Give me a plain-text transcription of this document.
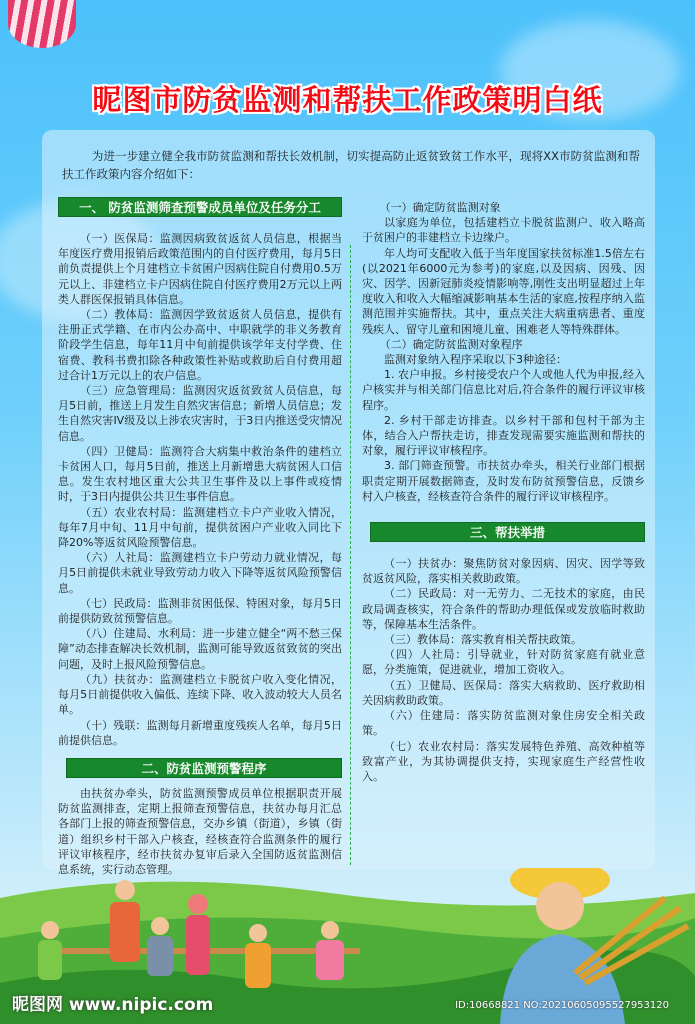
昵图市防贫监测和帮扶工作政策明白纸

为进一步建立健全我市防贫监测和帮扶长效机制，切实提高防止返贫致贫工作水平，现将XX市防贫监测和帮扶工作政策内容介绍如下：

一、 防贫监测筛查预警成员单位及任务分工

（一）医保局：监测因病致贫返贫人员信息，根据当年度医疗费用报销后政策范围内的自付医疗费用，每月5日前负责提供上个月建档立卡贫困户因病住院自付费用0.5万元以上、非建档立卡户因病住院自付医疗费用2万元以上两类人群医保报销具体信息。

（二）教体局：监测因学致贫返贫人员信息，提供有注册正式学籍、在市内公办高中、中职就学的非义务教育阶段学生信息，每年11月中旬前提供该学年支付学费、住宿费、教科书费扣除各种政策性补贴或救助后自付费用超过合计1万元以上的农户信息。

（三）应急管理局：监测因灾返贫致贫人员信息，每月5日前，推送上月发生自然灾害信息；新增人员信息；发生自然灾害IV级及以上涉农灾害时，于3日内推送受灾情况信息。

（四）卫健局：监测符合大病集中救治条件的建档立卡贫困人口，每月5日前，推送上月新增患大病贫困人口信息。发生农村地区重大公共卫生事件及以上事件或疫情时，于3日内提供公共卫生事件信息。

（五）农业农村局：监测建档立卡户产业收入情况，每年7月中旬、11月中旬前，提供贫困户产业收入同比下降20%等返贫风险预警信息。

（六）人社局：监测建档立卡户劳动力就业情况，每月5日前提供未就业导致劳动力收入下降等返贫风险预警信息。

（七）民政局：监测非贫困低保、特困对象，每月5日前提供防致贫预警信息。

（八）住建局、水利局：进一步建立健全“两不愁三保障”动态排查解决长效机制，监测可能导致返贫致贫的突出问题，及时上报风险预警信息。

（九）扶贫办：监测建档立卡脱贫户收入变化情况，每月5日前提供收入偏低、连续下降、收入波动较大人员名单。

（十）残联：监测每月新增重度残疾人名单，每月5日前提供信息。

二、防贫监测预警程序

由扶贫办牵头，防贫监测预警成员单位根据职责开展防贫监测排查，定期上报筛查预警信息，扶贫办每月汇总各部门上报的筛查预警信息，交办乡镇（街道），乡镇（街道）组织乡村干部入户核查，经核查符合监测条件的履行评议审核程序，经市扶贫办复审后录入全国防返贫监测信息系统，实行动态管理。

（一）确定防贫监测对象

以家庭为单位，包括建档立卡脱贫监测户、收入略高于贫困户的非建档立卡边缘户。

年人均可支配收入低于当年度国家扶贫标准1.5倍左右(以2021年6000元为参考)的家庭,以及因病、因残、因灾、因学、因新冠肺炎疫情影响等,刚性支出明显超过上年度收入和收入大幅缩减影响基本生活的家庭,按程序纳入监测范围并实施帮扶。其中，重点关注大病重病患者、重度残疾人、留守儿童和困境儿童、困难老人等特殊群体。

（二）确定防贫监测对象程序

监测对象纳入程序采取以下3种途径：

1. 农户申报。乡村接受农户个人或他人代为申报,经入户核实并与相关部门信息比对后,符合条件的履行评议审核程序。

2. 乡村干部走访排查。以乡村干部和包村干部为主体，结合入户帮扶走访，排查发现需要实施监测和帮扶的对象，履行评议审核程序。

3. 部门筛查预警。市扶贫办牵头，相关行业部门根据职责定期开展数据筛查，及时发布防贫预警信息，反馈乡村入户核查，经核查符合条件的履行评议审核程序。

三、帮扶举措

（一）扶贫办：聚焦防贫对象因病、因灾、因学等致贫返贫风险，落实相关救助政策。

（二）民政局：对一无劳力、二无技术的家庭，由民政局调查核实，符合条件的帮助办理低保或发放临时救助等，保障基本生活条件。

（三）教体局：落实教育相关帮扶政策。

（四）人社局：引导就业，针对防贫家庭有就业意愿，分类施策，促进就业，增加工资收入。

（五）卫健局、医保局：落实大病救助、医疗救助相关因病救助政策。

（六）住建局：落实防贫监测对象住房安全相关政策。

（七）农业农村局：落实发展特色养殖、高效种植等致富产业，为其协调提供支持，实现家庭生产经营性收入。

昵图网 www.nipic.com	ID:10668821 NO:20210605095527953120
